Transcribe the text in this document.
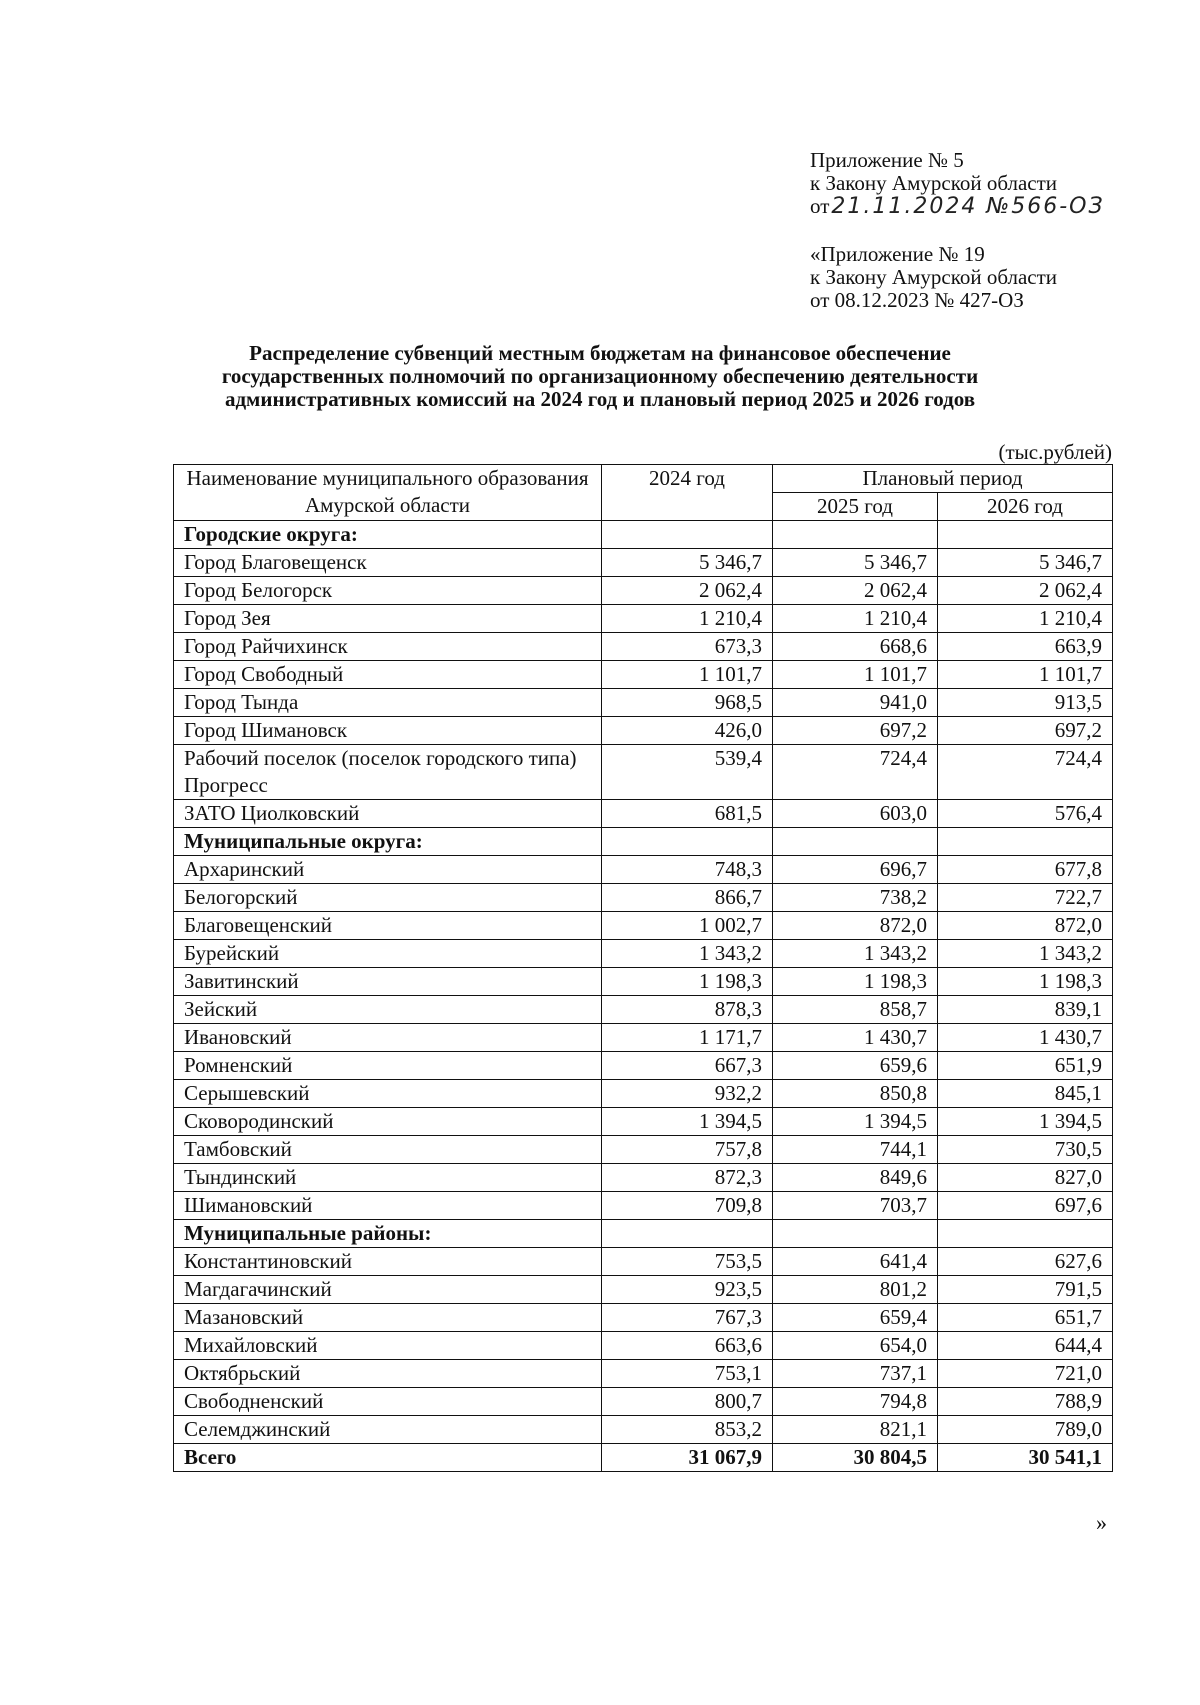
Приложение № 5
к Закону Амурской области
от21.11.2024 №566-ОЗ
«Приложение № 19
к Закону Амурской области
от 08.12.2023 № 427-ОЗ
Распределение субвенций местным бюджетам на финансовое обеспечение
государственных полномочий по организационному обеспечению деятельности
административных комиссий на 2024 год и плановый период 2025 и 2026 годов
(тыс.рублей)
Наименование муниципального образования Амурской области	2024 год	Плановый период	
		2025 год	2026 год
Городские округа:			
Город Благовещенск	5 346,7	5 346,7	5 346,7
Город Белогорск	2 062,4	2 062,4	2 062,4
Город Зея	1 210,4	1 210,4	1 210,4
Город Райчихинск	673,3	668,6	663,9
Город Свободный	1 101,7	1 101,7	1 101,7
Город Тында	968,5	941,0	913,5
Город Шимановск	426,0	697,2	697,2
Рабочий поселок (поселок городского типа) Прогресс	539,4	724,4	724,4
ЗАТО Циолковский	681,5	603,0	576,4
Муниципальные округа:			
Архаринский	748,3	696,7	677,8
Белогорский	866,7	738,2	722,7
Благовещенский	1 002,7	872,0	872,0
Бурейский	1 343,2	1 343,2	1 343,2
Завитинский	1 198,3	1 198,3	1 198,3
Зейский	878,3	858,7	839,1
Ивановский	1 171,7	1 430,7	1 430,7
Ромненский	667,3	659,6	651,9
Серышевский	932,2	850,8	845,1
Сковородинский	1 394,5	1 394,5	1 394,5
Тамбовский	757,8	744,1	730,5
Тындинский	872,3	849,6	827,0
Шимановский	709,8	703,7	697,6
Муниципальные районы:			
Константиновский	753,5	641,4	627,6
Магдагачинский	923,5	801,2	791,5
Мазановский	767,3	659,4	651,7
Михайловский	663,6	654,0	644,4
Октябрьский	753,1	737,1	721,0
Свободненский	800,7	794,8	788,9
Селемджинский	853,2	821,1	789,0
Всего	31 067,9	30 804,5	30 541,1
»
